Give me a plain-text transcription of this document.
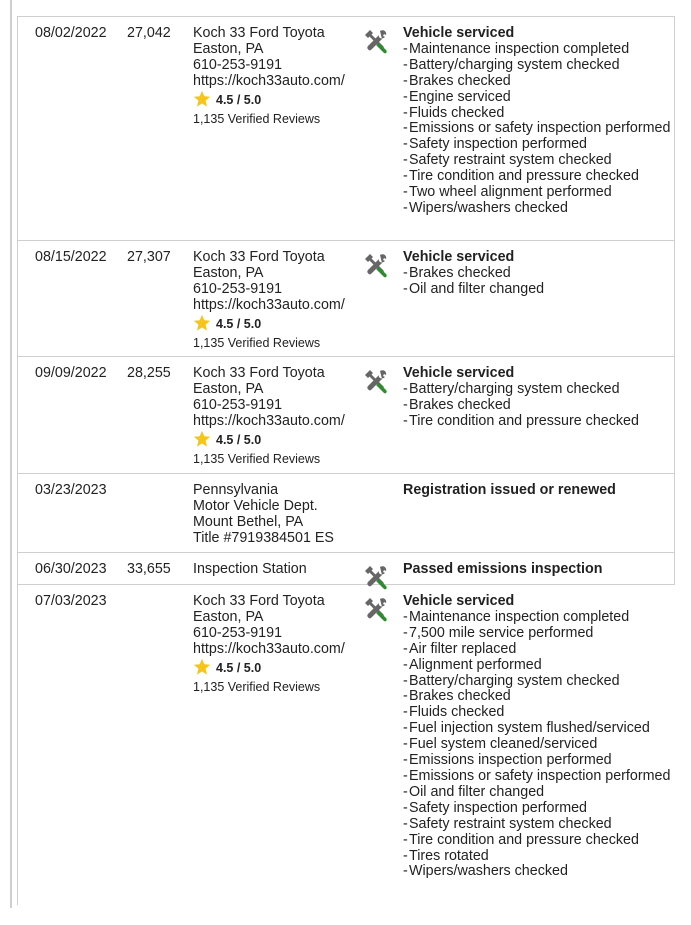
08/02/2022 27,042 Koch 33 Ford Toyota
Easton, PA
610-253-9191
https://koch33auto.com/
4.5 / 5.0
1,135 Verified Reviews
Vehicle serviced
- Maintenance inspection completed
- Battery/charging system checked
- Brakes checked
- Engine serviced
- Fluids checked
- Emissions or safety inspection performed
- Safety inspection performed
- Safety restraint system checked
- Tire condition and pressure checked
- Two wheel alignment performed
- Wipers/washers checked
08/15/2022 27,307 Koch 33 Ford Toyota
Easton, PA
610-253-9191
https://koch33auto.com/
4.5 / 5.0
1,135 Verified Reviews
Vehicle serviced
- Brakes checked
- Oil and filter changed
09/09/2022 28,255 Koch 33 Ford Toyota
Easton, PA
610-253-9191
https://koch33auto.com/
4.5 / 5.0
1,135 Verified Reviews
Vehicle serviced
- Battery/charging system checked
- Brakes checked
- Tire condition and pressure checked
03/23/2023	Pennsylvania
Motor Vehicle Dept.
Mount Bethel, PA
Title #7919384501 ES
Registration issued or renewed
06/30/2023 33,655 Inspection Station	Passed emissions inspection
07/03/2023	Koch 33 Ford Toyota
Easton, PA
610-253-9191
https://koch33auto.com/
4.5 / 5.0
1,135 Verified Reviews
Vehicle serviced
- Maintenance inspection completed
- 7,500 mile service performed
- Air filter replaced
- Alignment performed
- Battery/charging system checked
- Brakes checked
- Fluids checked
- Fuel injection system flushed/serviced
- Fuel system cleaned/serviced
- Emissions inspection performed
- Emissions or safety inspection performed
- Oil and filter changed
- Safety inspection performed
- Safety restraint system checked
- Tire condition and pressure checked
- Tires rotated
- Wipers/washers checked
